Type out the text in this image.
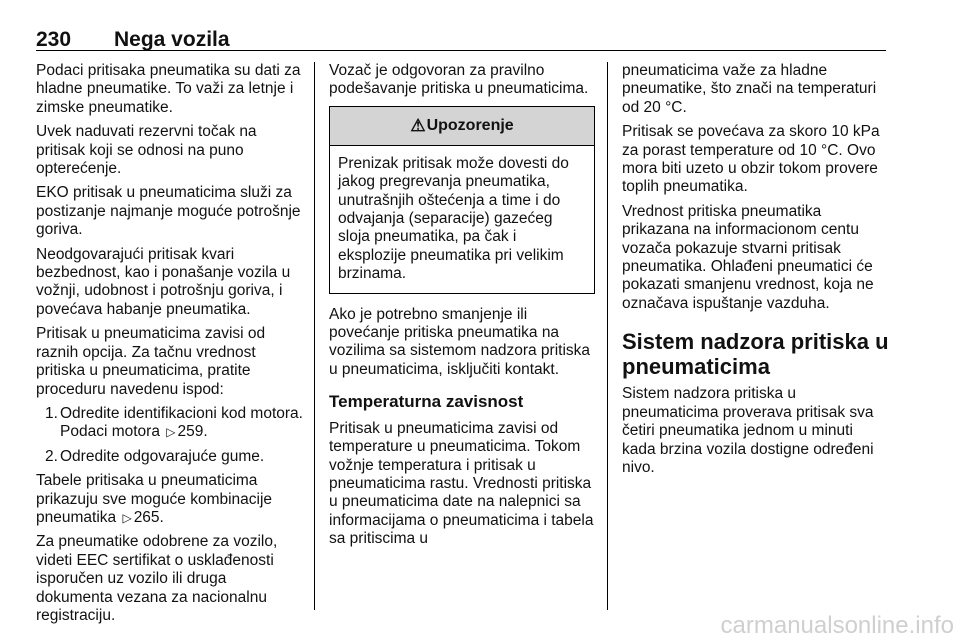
230 Nega vozila

Podaci pritisaka pneumatika su dati za hladne pneumatike. To važi za letnje i zimske pneumatike.

Uvek naduvati rezervni točak na pritisak koji se odnosi na puno opterećenje.

EKO pritisak u pneumaticima služi za postizanje najmanje moguće potrošnje goriva.

Neodgovarajući pritisak kvari bezbednost, kao i ponašanje vozila u vožnji, udobnost i potrošnju goriva, i povećava habanje pneumatika.

Pritisak u pneumaticima zavisi od raznih opcija. Za tačnu vrednost pritiska u pneumaticima, pratite proceduru navedenu ispod:

1. Odredite identifikacioni kod motora. Podaci motora ▷ 259.
2. Odredite odgovarajuće gume.

Tabele pritisaka u pneumaticima prikazuju sve moguće kombinacije pneumatika ▷ 265.

Za pneumatike odobrene za vozilo, videti EEC sertifikat o usklađenosti isporučen uz vozilo ili druga dokumenta vezana za nacionalnu registraciju.

Vozač je odgovoran za pravilno podešavanje pritiska u pneumaticima.

⚠ Upozorenje
Prenizak pritisak može dovesti do jakog pregrevanja pneumatika, unutrašnjih oštećenja a time i do odvajanja (separacije) gazećeg sloja pneumatika, pa čak i eksplozije pneumatika pri velikim brzinama.

Ako je potrebno smanjenje ili povećanje pritiska pneumatika na vozilima sa sistemom nadzora pritiska u pneumaticima, isključiti kontakt.

Temperaturna zavisnost

Pritisak u pneumaticima zavisi od temperature u pneumaticima. Tokom vožnje temperatura i pritisak u pneumaticima rastu. Vrednosti pritiska u pneumaticima date na nalepnici sa informacijama o pneumaticima i tabela sa pritiscima u

pneumaticima važe za hladne pneumatike, što znači na temperaturi od 20 °C.

Pritisak se povećava za skoro 10 kPa za porast temperature od 10 °C. Ovo mora biti uzeto u obzir tokom provere toplih pneumatika.

Vrednost pritiska pneumatika prikazana na informacionom centu vozača pokazuje stvarni pritisak pneumatika. Ohlađeni pneumatici će pokazati smanjenu vrednost, koja ne označava ispuštanje vazduha.

Sistem nadzora pritiska u pneumaticima

Sistem nadzora pritiska u pneumaticima proverava pritisak sva četiri pneumatika jednom u minuti kada brzina vozila dostigne određeni nivo.

carmanualsonline.info
